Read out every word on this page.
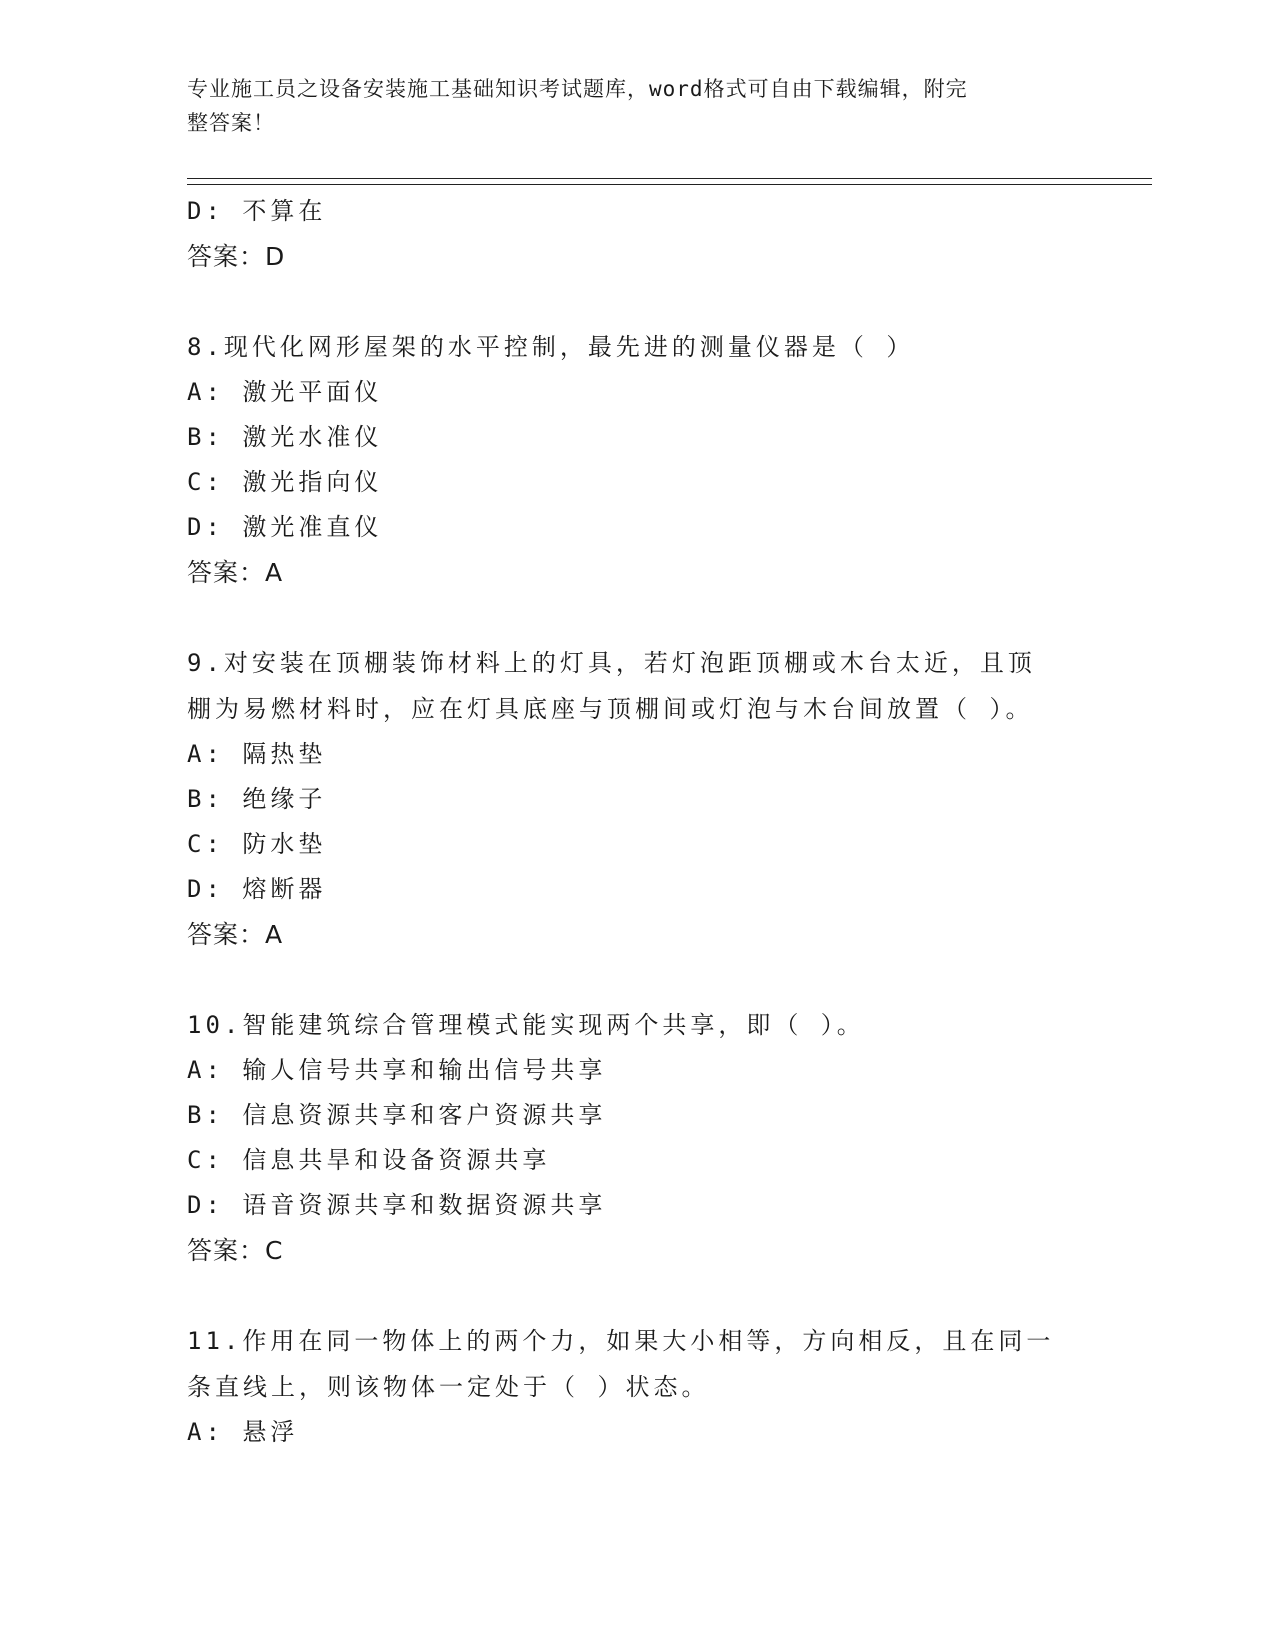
专业施工员之设备安装施工基础知识考试题库，word格式可自由下载编辑，附完
整答案！
D: 不算在
答案：D
8.现代化网形屋架的水平控制，最先进的测量仪器是（ ）
A: 激光平面仪
B: 激光水准仪
C: 激光指向仪
D: 激光准直仪
答案：A
9.对安装在顶棚装饰材料上的灯具，若灯泡距顶棚或木台太近，且顶
棚为易燃材料时，应在灯具底座与顶棚间或灯泡与木台间放置（ ）。
A: 隔热垫
B: 绝缘子
C: 防水垫
D: 熔断器
答案：A
10.智能建筑综合管理模式能实现两个共享，即（ ）。
A: 输人信号共享和输出信号共享
B: 信息资源共享和客户资源共享
C: 信息共旱和设备资源共享
D: 语音资源共享和数据资源共享
答案：C
11.作用在同一物体上的两个力，如果大小相等，方向相反，且在同一
条直线上，则该物体一定处于（ ）状态。
A: 悬浮
